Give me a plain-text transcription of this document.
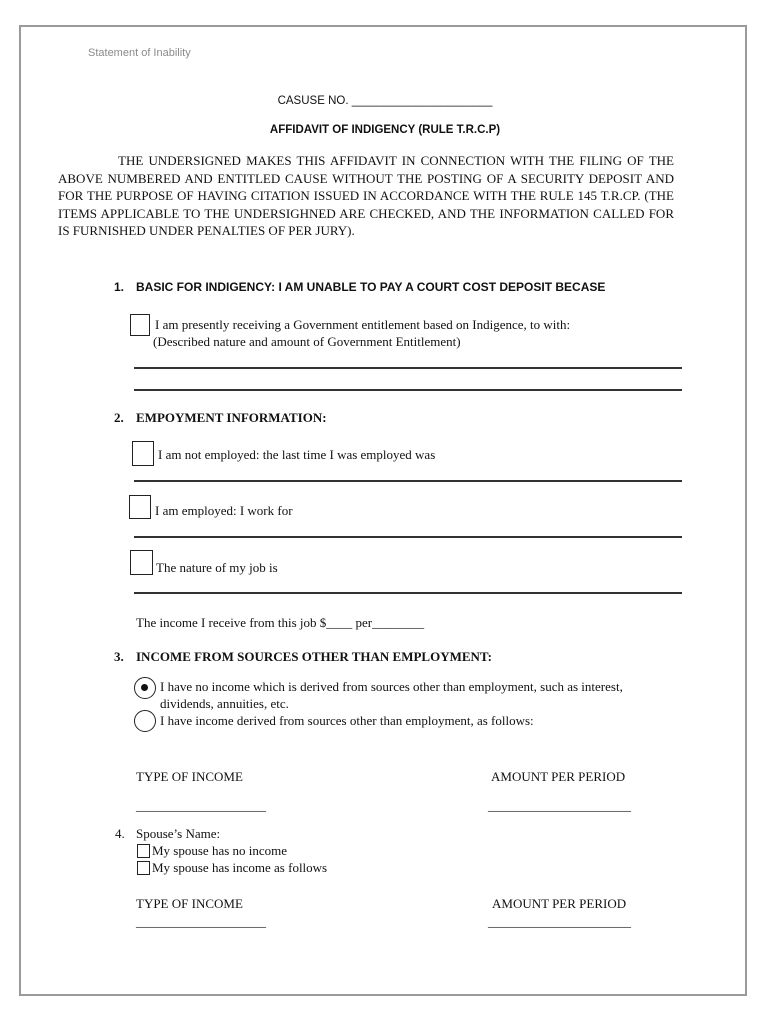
Statement of Inability
CASUSE NO. ______________________
AFFIDAVIT OF INDIGENCY (RULE T.R.C.P)
THE UNDERSIGNED MAKES THIS AFFIDAVIT IN CONNECTION WITH THE FILING OF THE ABOVE NUMBERED AND ENTITLED CAUSE WITHOUT THE POSTING OF A SECURITY DEPOSIT AND FOR THE PURPOSE OF HAVING CITATION ISSUED IN ACCORDANCE WITH THE RULE 145 T.R.CP. (THE ITEMS APPLICABLE TO THE UNDERSIGHNED ARE CHECKED, AND THE INFORMATION CALLED FOR IS FURNISHED UNDER PENALTIES OF PER JURY).
1. BASIC FOR INDIGENCY: I AM UNABLE TO PAY A COURT COST DEPOSIT BECASE
I am presently receiving a Government entitlement based on Indigence, to with:
(Described nature and amount of Government Entitlement)
2. EMPOYMENT INFORMATION:
I am not employed: the last time I was employed was
I am employed: I work for
The nature of my job is
The income I receive from this job $____ per________
3. INCOME FROM SOURCES OTHER THAN EMPLOYMENT:
I have no income which is derived from sources other than employment, such as interest,
dividends, annuities, etc.
I have income derived from sources other than employment, as follows:
TYPE OF INCOME	AMOUNT PER PERIOD
____________________	______________________
4. Spouse’s Name:
My spouse has no income
My spouse has income as follows
TYPE OF INCOME	AMOUNT PER PERIOD
____________________	______________________
